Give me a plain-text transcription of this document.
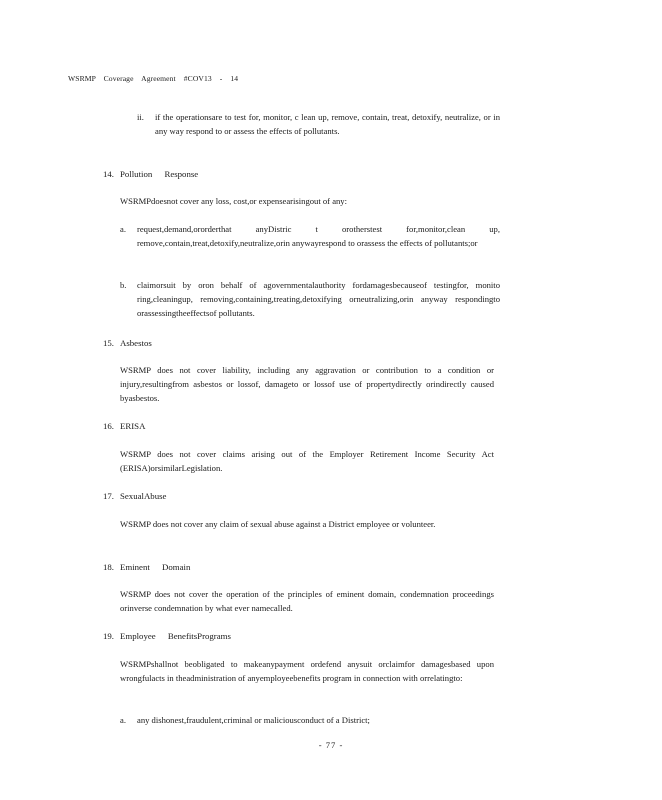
WSRMP Coverage Agreement #COV13 - 14
ii. if the operationsare to test for, monitor, c lean up, remove, contain, treat, detoxify, neutralize, or in any way respond to or assess the effects of pollutants.
14. Pollution Response
WSRMPdoesnot cover any loss, cost,or expensearisingout of any:
a. request,demand,ororderthat anyDistric t orotherstest for,monitor,clean up, remove,contain,treat,detoxify,neutralize,orin anywayrespond to orassess the effects of pollutants;or
b. claimorsuit by oron behalf of agovernmentalauthority fordamagesbecauseof testingfor, monito ring,cleaningup, removing,containing,treating,detoxifying orneutralizing,orin anyway respondingto orassessingtheeffectsof pollutants.
15. Asbestos
WSRMP does not cover liability, including any aggravation or contribution to a condition or injury,resultingfrom asbestos or lossof, damageto or lossof use of propertydirectly orindirectly caused byasbestos.
16. ERISA
WSRMP does not cover claims arising out of the Employer Retirement Income Security Act (ERISA)orsimilarLegislation.
17. SexualAbuse
WSRMP does not cover any claim of sexual abuse against a District employee or volunteer.
18. Eminent Domain
WSRMP does not cover the operation of the principles of eminent domain, condemnation proceedings orinverse condemnation by what ever namecalled.
19. Employee BenefitsPrograms
WSRMPshallnot beobligated to makeanypayment ordefend anysuit orclaimfor damagesbased upon wrongfulacts in theadministration of anyemployeebenefits program in connection with orrelatingto:
a. any dishonest,fraudulent,criminal or maliciousconduct of a District;
- 77 -
